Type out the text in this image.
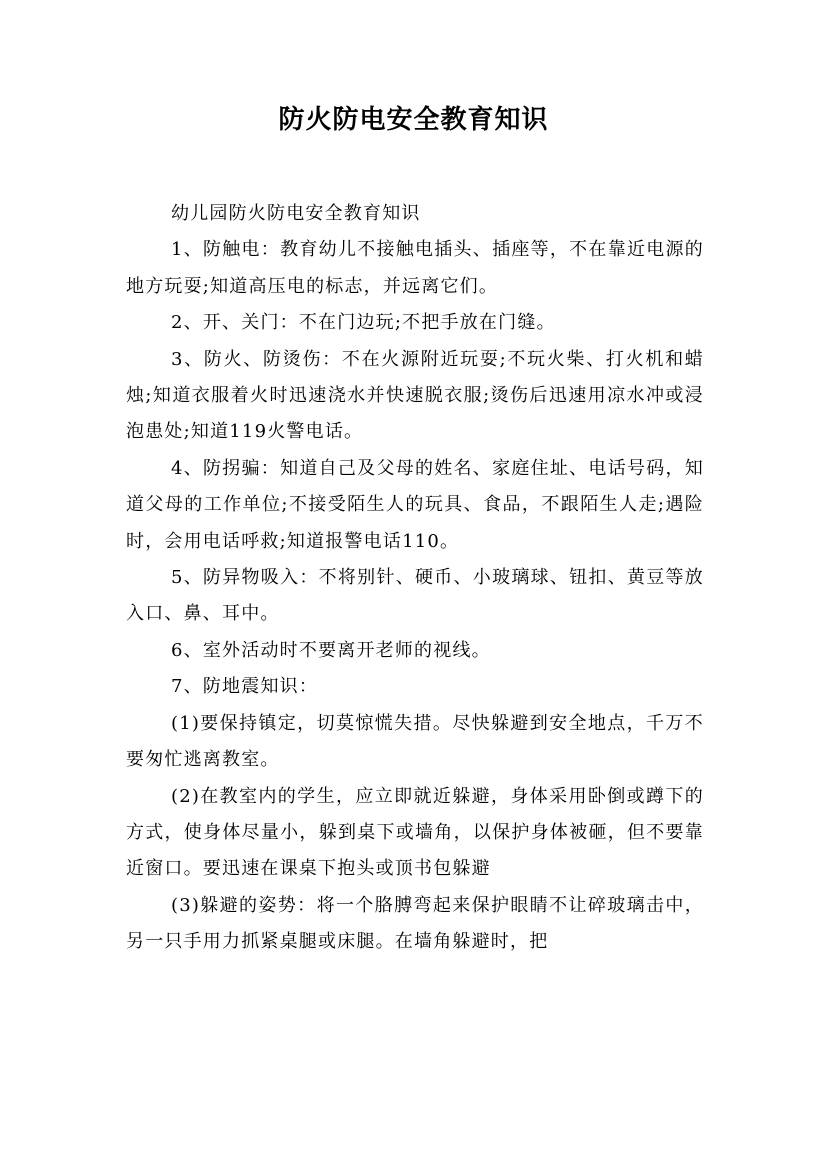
防火防电安全教育知识

幼儿园防火防电安全教育知识

1、防触电：教育幼儿不接触电插头、插座等，不在靠近电源的地方玩耍;知道高压电的标志，并远离它们。

2、开、关门：不在门边玩;不把手放在门缝。

3、防火、防烫伤：不在火源附近玩耍;不玩火柴、打火机和蜡烛;知道衣服着火时迅速浇水并快速脱衣服;烫伤后迅速用凉水冲或浸泡患处;知道119火警电话。

4、防拐骗：知道自己及父母的姓名、家庭住址、电话号码，知道父母的工作单位;不接受陌生人的玩具、食品，不跟陌生人走;遇险时，会用电话呼救;知道报警电话110。

5、防异物吸入：不将别针、硬币、小玻璃球、钮扣、黄豆等放入口、鼻、耳中。

6、室外活动时不要离开老师的视线。

7、防地震知识：

(1)要保持镇定，切莫惊慌失措。尽快躲避到安全地点，千万不要匆忙逃离教室。

(2)在教室内的学生，应立即就近躲避，身体采用卧倒或蹲下的方式，使身体尽量小，躲到桌下或墙角，以保护身体被砸，但不要靠近窗口。要迅速在课桌下抱头或顶书包躲避

(3)躲避的姿势：将一个胳膊弯起来保护眼睛不让碎玻璃击中，另一只手用力抓紧桌腿或床腿。在墙角躲避时，把
